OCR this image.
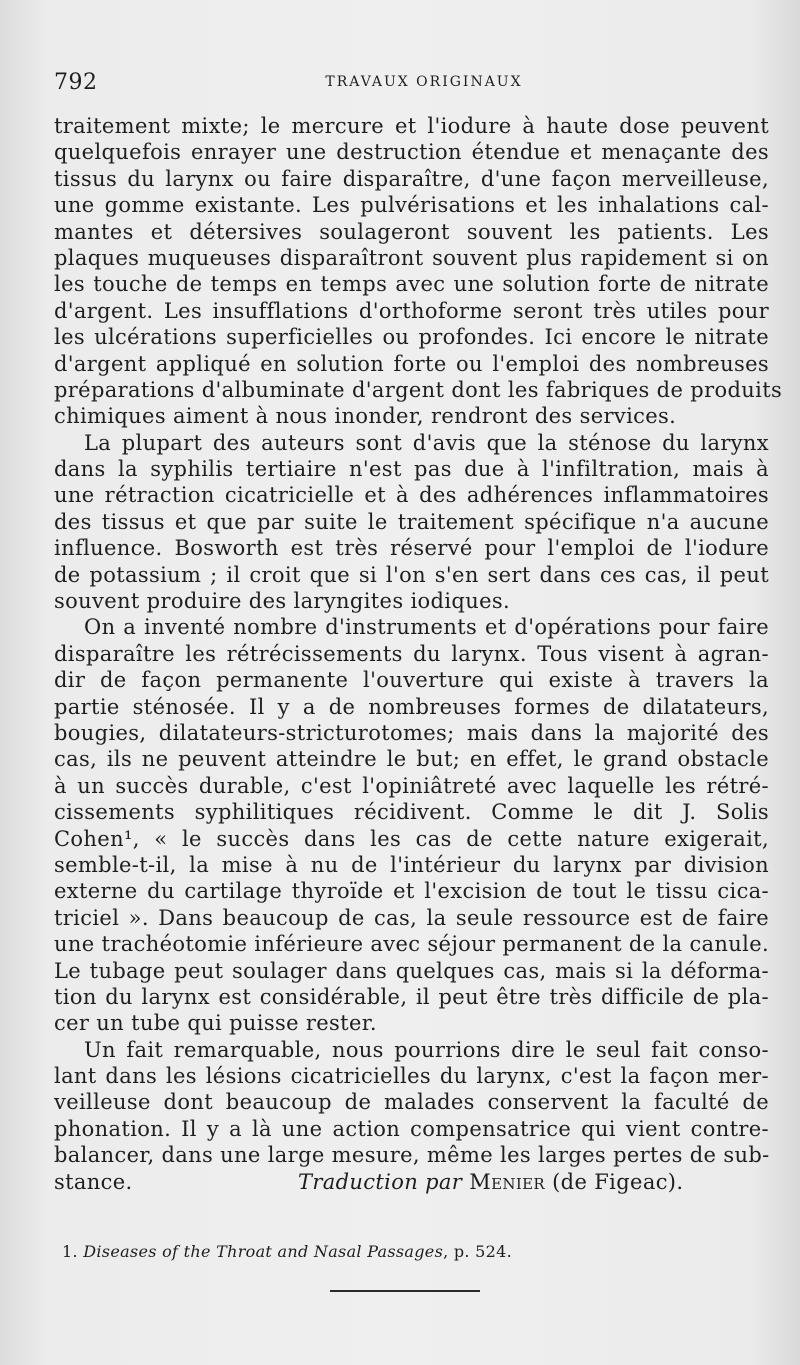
792	TRAVAUX ORIGINAUX
traitement mixte; le mercure et l'iodure à haute dose peuvent
quelquefois enrayer une destruction étendue et menaçante des
tissus du larynx ou faire disparaître, d'une façon merveilleuse,
une gomme existante. Les pulvérisations et les inhalations cal-
mantes et détersives soulageront souvent les patients. Les
plaques muqueuses disparaîtront souvent plus rapidement si on
les touche de temps en temps avec une solution forte de nitrate
d'argent. Les insufflations d'orthoforme seront très utiles pour
les ulcérations superficielles ou profondes. Ici encore le nitrate
d'argent appliqué en solution forte ou l'emploi des nombreuses
préparations d'albuminate d'argent dont les fabriques de produits
chimiques aiment à nous inonder, rendront des services.
La plupart des auteurs sont d'avis que la sténose du larynx
dans la syphilis tertiaire n'est pas due à l'infiltration, mais à
une rétraction cicatricielle et à des adhérences inflammatoires
des tissus et que par suite le traitement spécifique n'a aucune
influence. Bosworth est très réservé pour l'emploi de l'iodure
de potassium ; il croit que si l'on s'en sert dans ces cas, il peut
souvent produire des laryngites iodiques.
On a inventé nombre d'instruments et d'opérations pour faire
disparaître les rétrécissements du larynx. Tous visent à agran-
dir de façon permanente l'ouverture qui existe à travers la
partie sténosée. Il y a de nombreuses formes de dilatateurs,
bougies, dilatateurs-stricturotomes; mais dans la majorité des
cas, ils ne peuvent atteindre le but; en effet, le grand obstacle
à un succès durable, c'est l'opiniâtreté avec laquelle les rétré-
cissements syphilitiques récidivent. Comme le dit J. Solis
Cohen¹, « le succès dans les cas de cette nature exigerait,
semble-t-il, la mise à nu de l'intérieur du larynx par division
externe du cartilage thyroïde et l'excision de tout le tissu cica-
triciel ». Dans beaucoup de cas, la seule ressource est de faire
une trachéotomie inférieure avec séjour permanent de la canule.
Le tubage peut soulager dans quelques cas, mais si la déforma-
tion du larynx est considérable, il peut être très difficile de pla-
cer un tube qui puisse rester.
Un fait remarquable, nous pourrions dire le seul fait conso-
lant dans les lésions cicatricielles du larynx, c'est la façon mer-
veilleuse dont beaucoup de malades conservent la faculté de
phonation. Il y a là une action compensatrice qui vient contre-
balancer, dans une large mesure, même les larges pertes de sub-
stance.	Traduction par Menier (de Figeac).
1. Diseases of the Throat and Nasal Passages, p. 524.
